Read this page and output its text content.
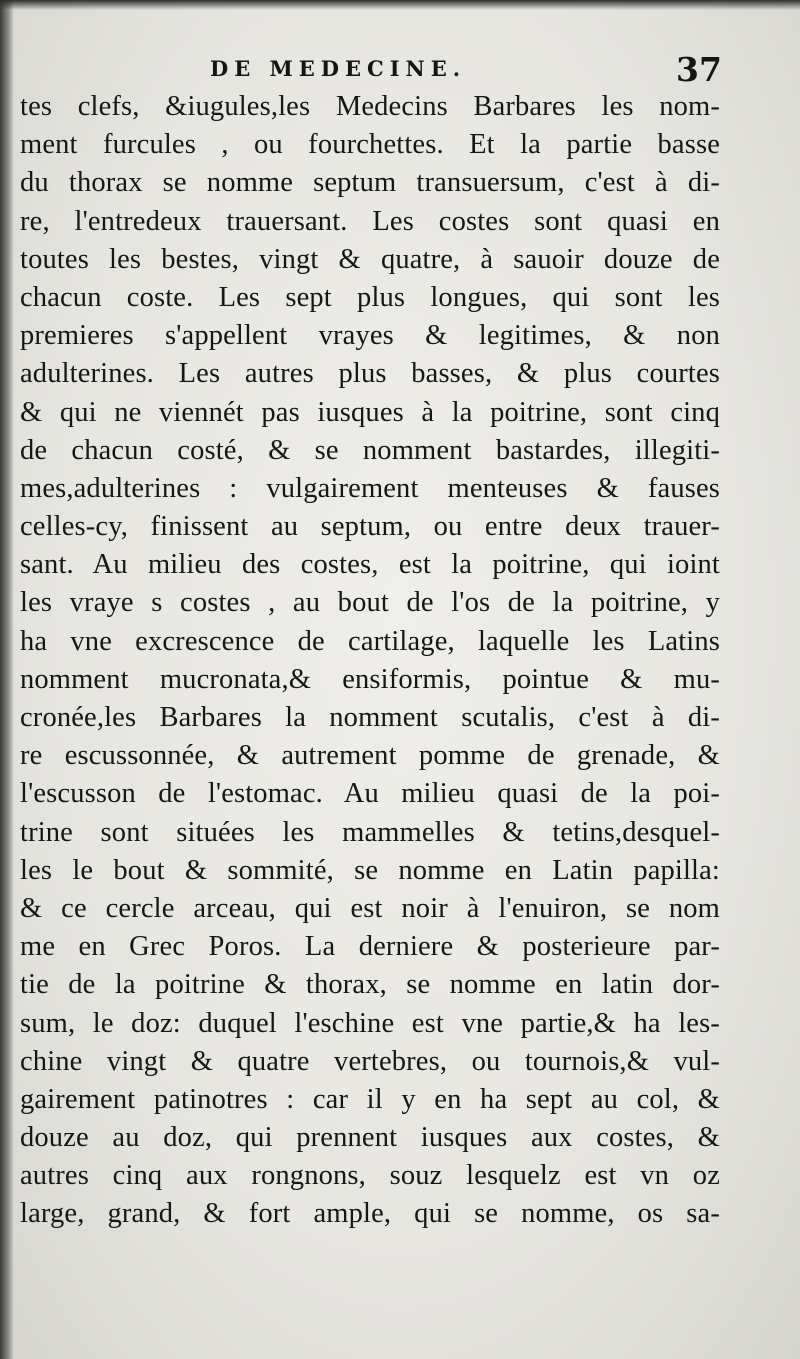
DE MEDECINE.	37
tes clefs, &iugules,les Medecins Barbares les nom-
ment furcules , ou fourchettes. Et la partie basse
du thorax se nomme septum transuersum, c'est à di-
re, l'entredeux trauersant. Les costes sont quasi en
toutes les bestes, vingt & quatre, à sauoir douze de
chacun coste. Les sept plus longues, qui sont les
premieres s'appellent vrayes & legitimes, & non
adulterines. Les autres plus basses, & plus courtes
& qui ne viennét pas iusques à la poitrine, sont cinq
de chacun costé, & se nomment bastardes, illegiti-
mes,adulterines : vulgairement menteuses & fauses
celles-cy, finissent au septum, ou entre deux trauer-
sant. Au milieu des costes, est la poitrine, qui ioint
les vraye s costes , au bout de l'os de la poitrine, y
ha vne excrescence de cartilage, laquelle les Latins
nomment mucronata,& ensiformis, pointue & mu-
cronée,les Barbares la nomment scutalis, c'est à di-
re escussonnée, & autrement pomme de grenade, &
l'escusson de l'estomac. Au milieu quasi de la poi-
trine sont situées les mammelles & tetins,desquel-
les le bout & sommité, se nomme en Latin papilla:
& ce cercle arceau, qui est noir à l'enuiron, se nom
me en Grec Poros. La derniere & posterieure par-
tie de la poitrine & thorax, se nomme en latin dor-
sum, le doz: duquel l'eschine est vne partie,& ha les-
chine vingt & quatre vertebres, ou tournois,& vul-
gairement patinotres : car il y en ha sept au col, &
douze au doz, qui prennent iusques aux costes, &
autres cinq aux rongnons, souz lesquelz est vn oz
large, grand, & fort ample, qui se nomme, os sa-
